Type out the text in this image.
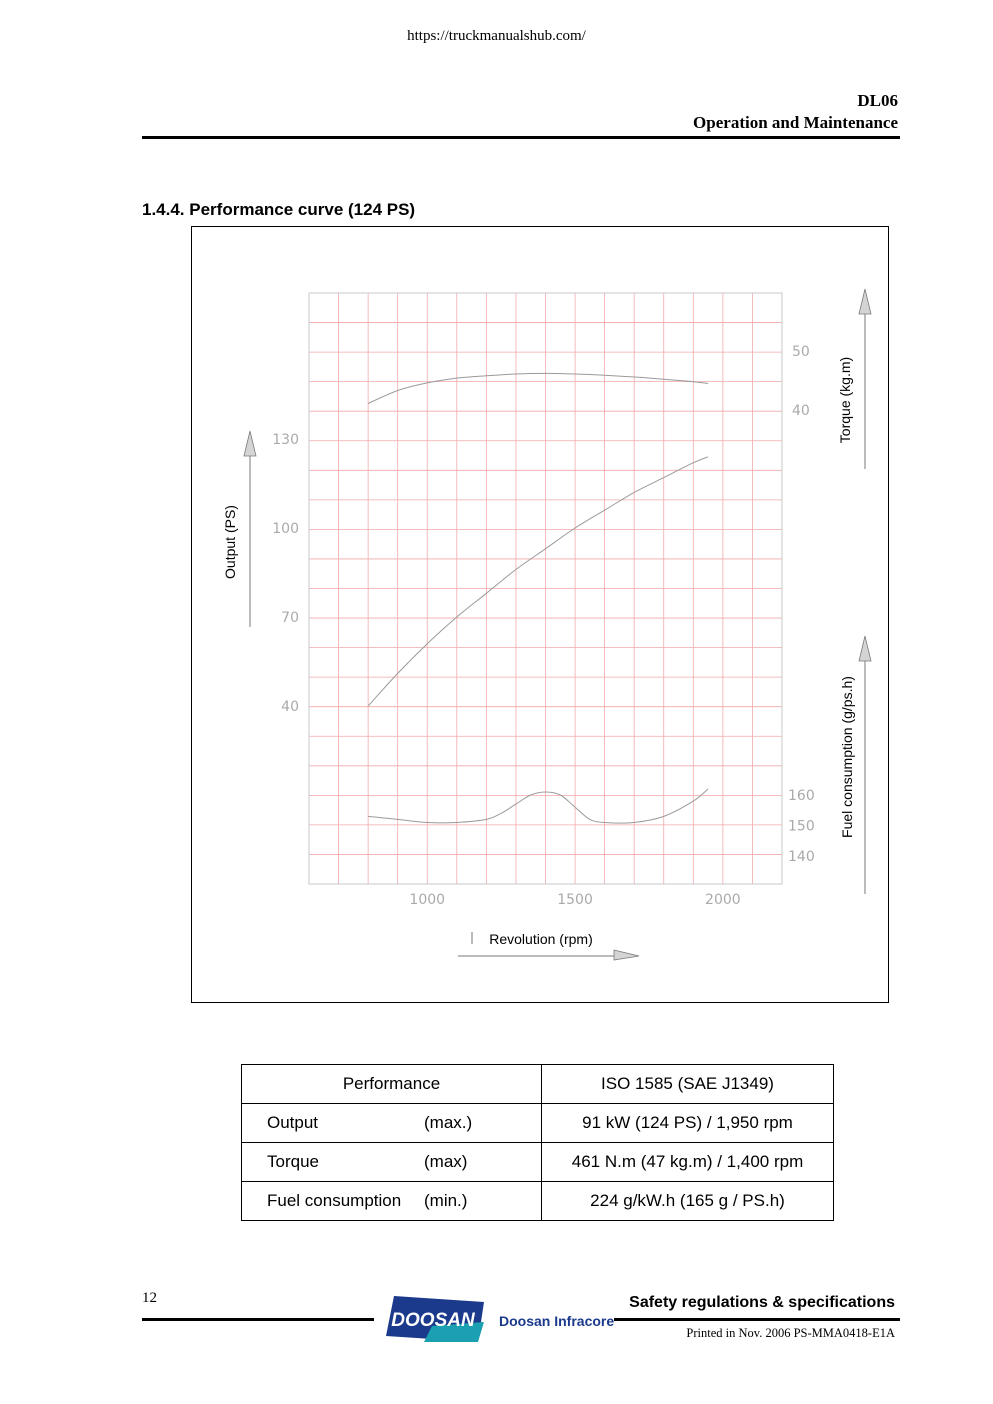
https://truckmanualshub.com/
DL06
Operation and Maintenance
1.4.4. Performance curve (124 PS)
1000	1500	2000
40
70
100
130
40
50
140
150
160
Revolution (rpm)
Output (PS)
Torque (kg.m)
Fuel consumption (g/ps.h)
Performance	ISO 1585 (SAE J1349)
Output (max.)	91 kW (124 PS) / 1,950 rpm
Torque (max)	461 N.m (47 kg.m) / 1,400 rpm
Fuel consumption (min.)	224 g/kW.h (165 g / PS.h)
12
DOOSAN Doosan Infracore
Safety regulations & specifications
Printed in Nov. 2006 PS-MMA0418-E1A
